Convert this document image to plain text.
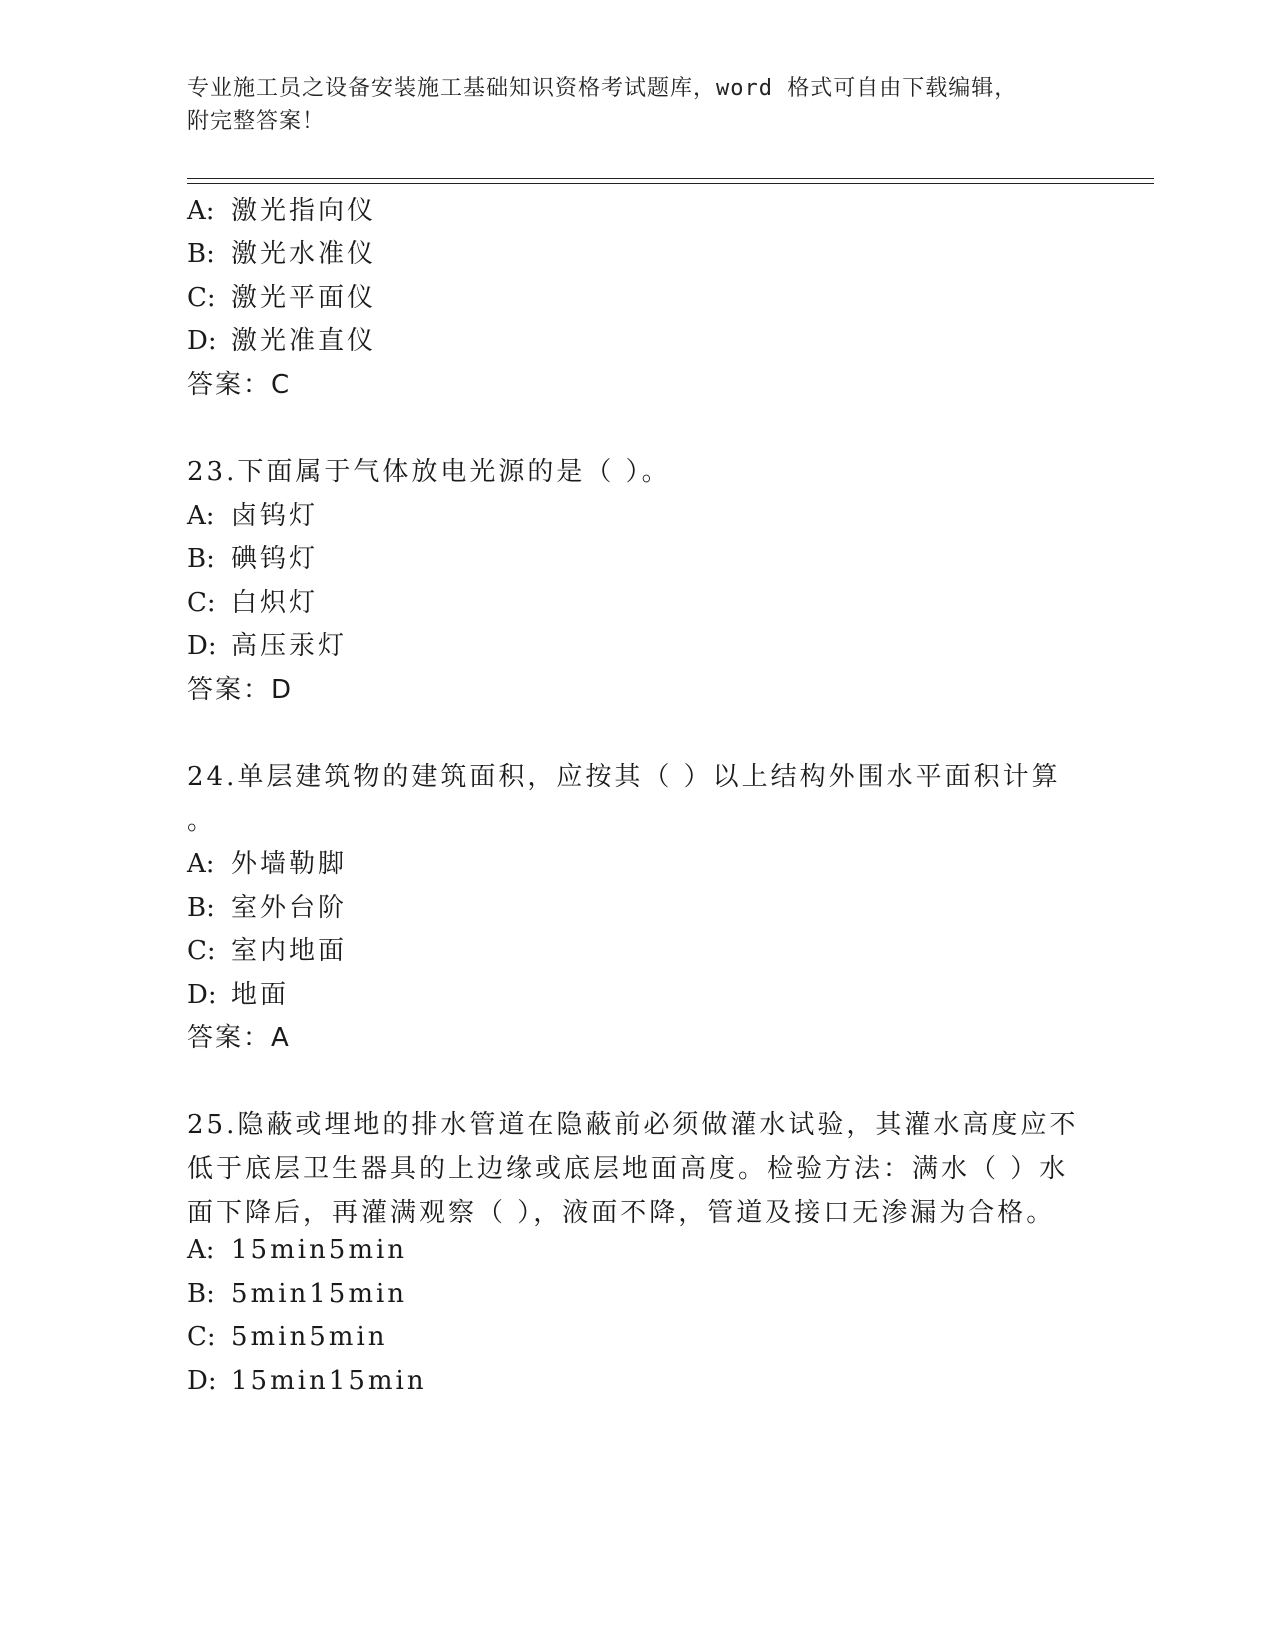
专业施工员之设备安装施工基础知识资格考试题库，word 格式可自由下载编辑，
附完整答案！
A: 激光指向仪
B: 激光水准仪
C: 激光平面仪
D: 激光准直仪
答案：C
23.下面属于气体放电光源的是（ ）。
A: 卤钨灯
B: 碘钨灯
C: 白炽灯
D: 高压汞灯
答案：D
24.单层建筑物的建筑面积，应按其（ ）以上结构外围水平面积计算
。
A: 外墙勒脚
B: 室外台阶
C: 室内地面
D: 地面
答案：A
25.隐蔽或埋地的排水管道在隐蔽前必须做灌水试验，其灌水高度应不
低于底层卫生器具的上边缘或底层地面高度。检验方法：满水（ ）水
面下降后，再灌满观察（ ），液面不降，管道及接口无渗漏为合格。
A: 15min5min
B: 5min15min
C: 5min5min
D: 15min15min
